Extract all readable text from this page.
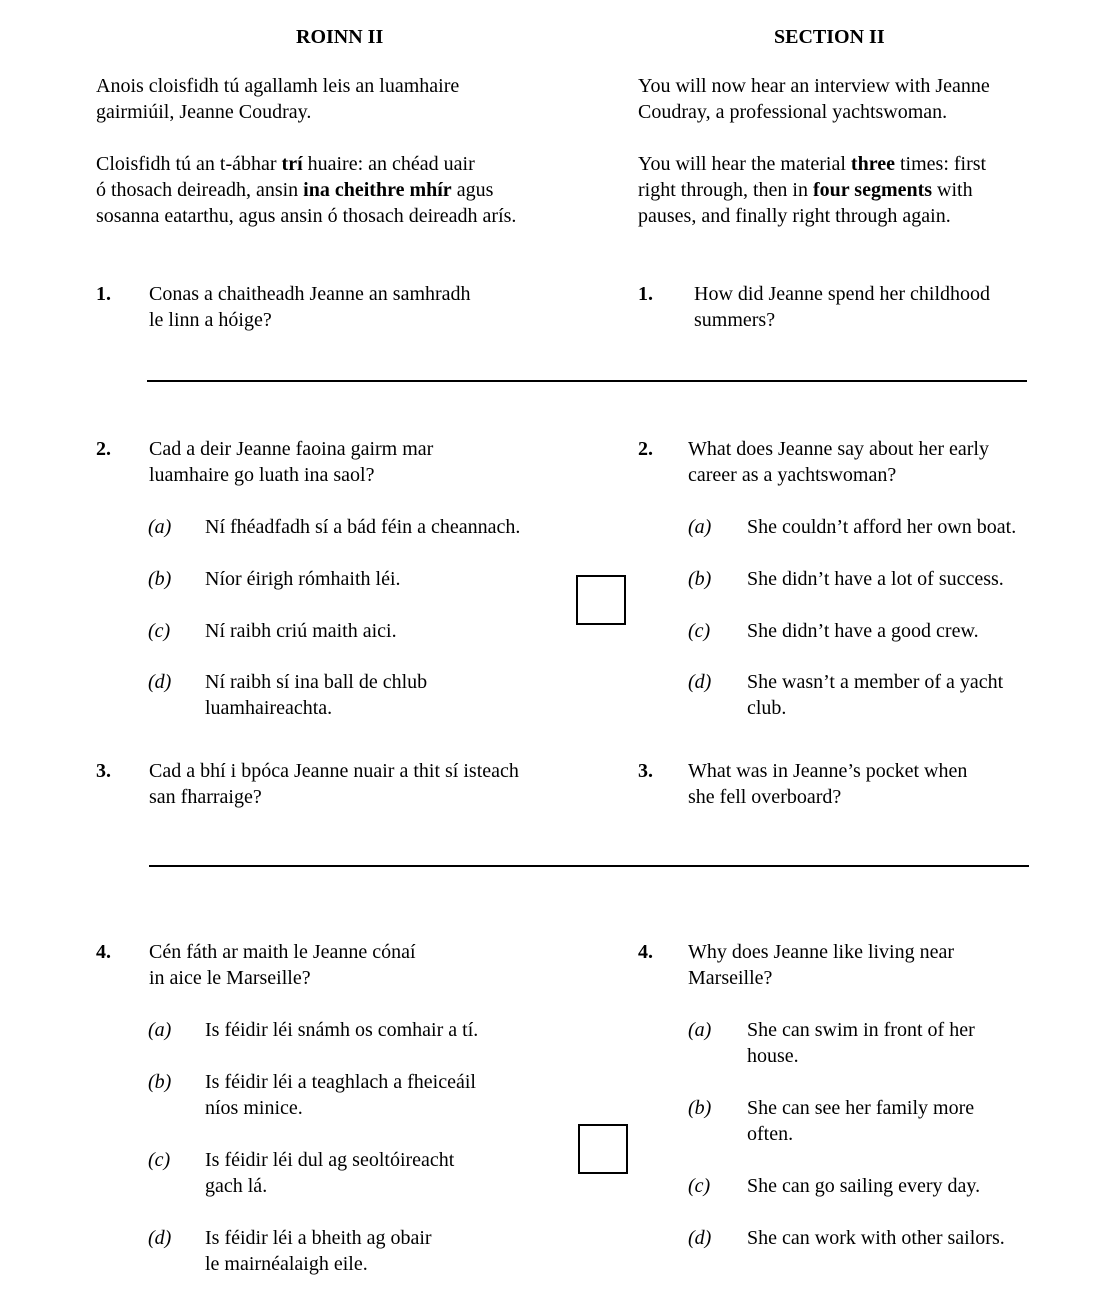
ROINN II	SECTION II
Anois cloisfidh tú agallamh leis an luamhaire
gairmiúil, Jeanne Coudray.
You will now hear an interview with Jeanne
Coudray, a professional yachtswoman.
Cloisfidh tú an t-ábhar trí huaire: an chéad uair
ó thosach deireadh, ansin ina cheithre mhír agus
sosanna eatarthu, agus ansin ó thosach deireadh arís.
You will hear the material three times: first
right through, then in four segments with
pauses, and finally right through again.
1. Conas a chaitheadh Jeanne an samhradh
le linn a hóige?
1. How did Jeanne spend her childhood
summers?
2. Cad a deir Jeanne faoina gairm mar
luamhaire go luath ina saol?
2. What does Jeanne say about her early
career as a yachtswoman?
(a) Ní fhéadfadh sí a bád féin a cheannach.	(a) She couldn’t afford her own boat.
(b) Níor éirigh rómhaith léi.	(b) She didn’t have a lot of success.
(c) Ní raibh criú maith aici.	(c) She didn’t have a good crew.
(d) Ní raibh sí ina ball de chlub
luamhaireachta.
(d) She wasn’t a member of a yacht
club.
3. Cad a bhí i bpóca Jeanne nuair a thit sí isteach
san fharraige?
3. What was in Jeanne’s pocket when
she fell overboard?
4. Cén fáth ar maith le Jeanne cónaí
in aice le Marseille?
4. Why does Jeanne like living near
Marseille?
(a) Is féidir léi snámh os comhair a tí.
(b) Is féidir léi a teaghlach a fheiceáil
níos minice.
(c) Is féidir léi dul ag seoltóireacht
gach lá.
(d) Is féidir léi a bheith ag obair
le mairnéalaigh eile.
(a) She can swim in front of her
house.
(b) She can see her family more
often.
(c) She can go sailing every day.
(d) She can work with other sailors.
